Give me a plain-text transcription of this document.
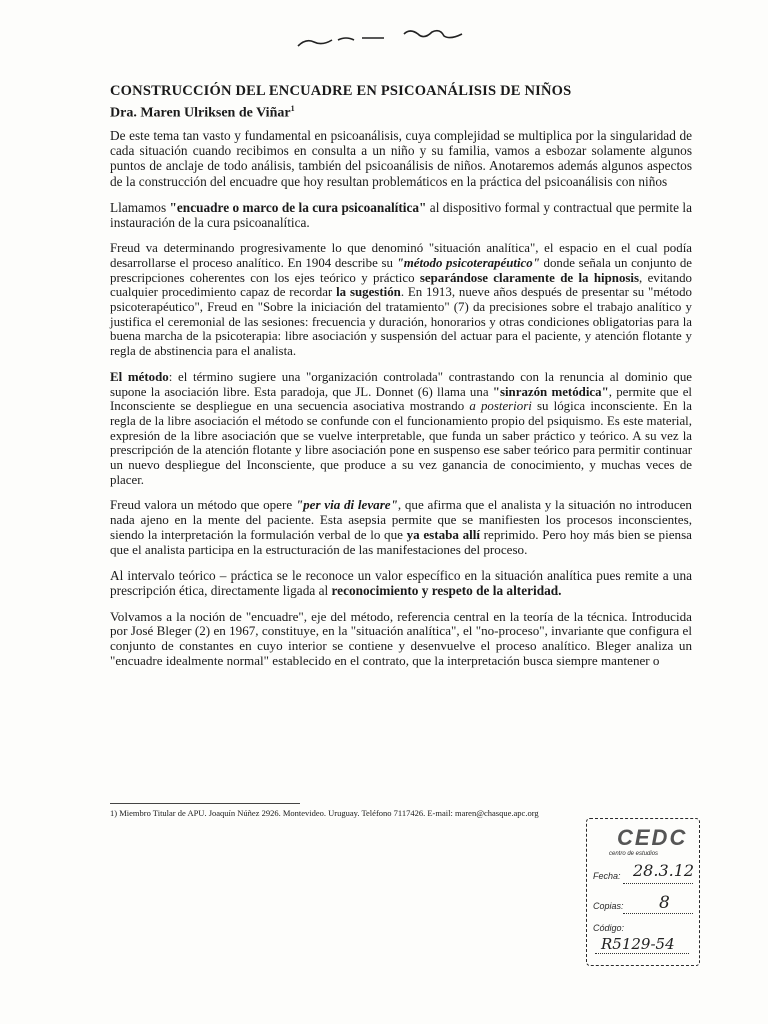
CONSTRUCCIÓN DEL ENCUADRE EN PSICOANÁLISIS DE NIÑOS

Dra. Maren Ulriksen de Viñar$^1$

De este tema tan vasto y fundamental en psicoanálisis, cuya complejidad se multiplica por la singularidad de cada situación cuando recibimos en consulta a un niño y su familia, vamos a esbozar solamente algunos puntos de anclaje de todo análisis, también del psicoanálisis de niños. Anotaremos además algunos aspectos de la construcción del encuadre que hoy resultan problemáticos en la práctica del psicoanálisis con niños

Llamamos "encuadre o marco de la cura psicoanalítica" al dispositivo formal y contractual que permite la instauración de la cura psicoanalítica.

Freud va determinando progresivamente lo que denominó "situación analítica", el espacio en el cual podía desarrollarse el proceso analítico. En 1904 describe su "método psicoterapéutico" donde señala un conjunto de prescripciones coherentes con los ejes teórico y práctico separándose claramente de la hipnosis, evitando cualquier procedimiento capaz de recordar la sugestión. En 1913, nueve años después de presentar su "método psicoterapéutico", Freud en "Sobre la iniciación del tratamiento" (7) da precisiones sobre el trabajo analítico y justifica el ceremonial de las sesiones: frecuencia y duración, honorarios y otras condiciones obligatorias para la buena marcha de la psicoterapia: libre asociación y suspensión del actuar para el paciente, y atención flotante y regla de abstinencia para el analista.

El método: el término sugiere una "organización controlada" contrastando con la renuncia al dominio que supone la asociación libre. Esta paradoja, que JL. Donnet (6) llama una "sinrazón metódica", permite que el Inconsciente se despliegue en una secuencia asociativa mostrando a posteriori su lógica inconsciente. En la regla de la libre asociación el método se confunde con el funcionamiento propio del psiquismo. Es este material, expresión de la libre asociación que se vuelve interpretable, que funda un saber práctico y teórico. A su vez la prescripción de la atención flotante y libre asociación pone en suspenso ese saber teórico para permitir continuar un nuevo despliegue del Inconsciente, que produce a su vez ganancia de conocimiento, y muchas veces de placer.

Freud valora un método que opere "per via di levare", que afirma que el analista y la situación no introducen nada ajeno en la mente del paciente. Esta asepsia permite que se manifiesten los procesos inconscientes, siendo la interpretación la formulación verbal de lo que ya estaba allí reprimido. Pero hoy más bien se piensa que el analista participa en la estructuración de las manifestaciones del proceso.

Al intervalo teórico – práctica se le reconoce un valor específico en la situación analítica pues remite a una prescripción ética, directamente ligada al reconocimiento y respeto de la alteridad.

Volvamos a la noción de "encuadre", eje del método, referencia central en la teoría de la técnica. Introducida por José Bleger (2) en 1967, constituye, en la "situación analítica", el "no-proceso", invariante que configura el conjunto de constantes en cuyo interior se contiene y desenvuelve el proceso analítico. Bleger analiza un "encuadre idealmente normal" establecido en el contrato, que la interpretación busca siempre mantener o

1) Miembro Titular de APU. Joaquín Núñez 2926. Montevideo. Uruguay. Teléfono 7117426. E-mail: maren@chasque.apc.org
CEDC
centro de estudios
Fecha: 28.3.12
Copias: 8
Código:
R5129-54
